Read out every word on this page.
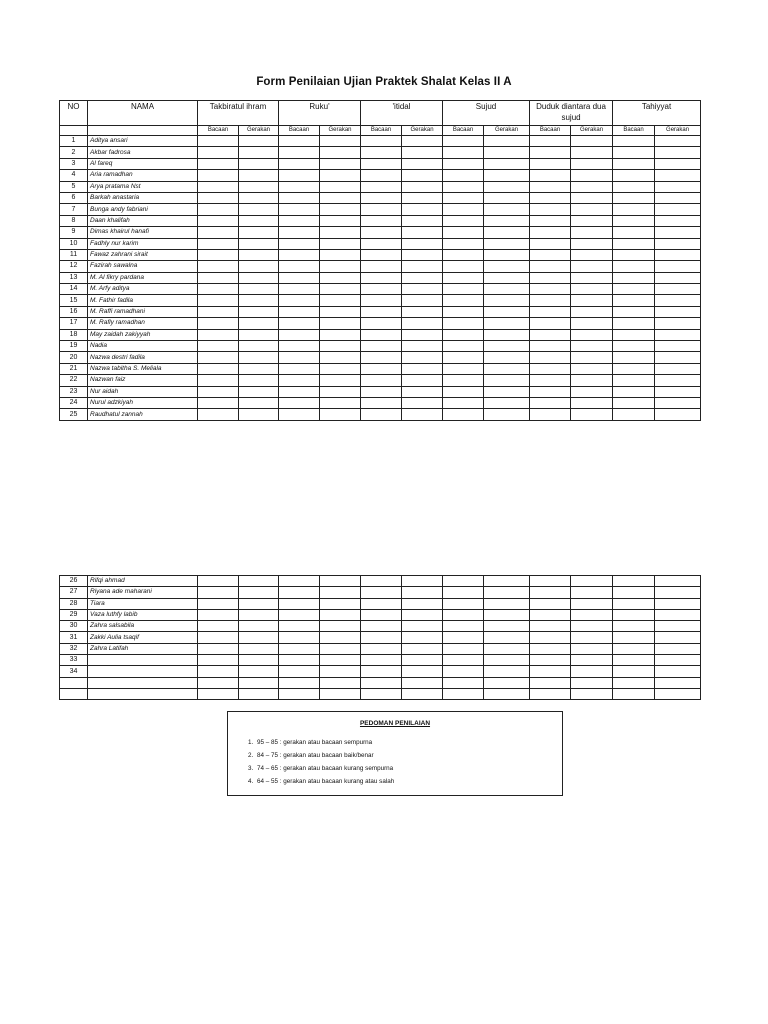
Form Penilaian Ujian Praktek Shalat Kelas II A
NO	NAMA	Takbiratul ihram		Ruku'		'itidal		Sujud		Duduk diantara dua sujud		Tahiyyat	
		Bacaan	Gerakan	Bacaan	Gerakan	Bacaan	Gerakan	Bacaan	Gerakan	Bacaan	Gerakan	Bacaan	Gerakan
1	Aditya ansari												
2	Akbar fadrosa												
3	Al fareq												
4	Aria ramadhan												
5	Arya pratama Nst												
6	Barkah anastaria												
7	Bunga andy fabriani												
8	Daan khalifah												
9	Dimas khairul hanafi												
10	Fadhly nur karim												
11	Fawaz zahrani sirait												
12	Fazirah sawalna												
13	M. Al fikry pardana												
14	M. Arfy aditya												
15	M. Fathir fadila												
16	M. Raffi ramadhani												
17	M. Rafly ramadhan												
18	May zaidah zakiyyah												
19	Nadia												
20	Nazwa destri fadila												
21	Nazwa tabitha S. Meliala												
22	Nazwan faiz												
23	Nur aidah												
24	Nurul adzkiyah												
25	Raudhatul zannah												
26	Rifqi ahmad												
27	Riyana ade maharani												
28	Tiara												
29	Vaza luthfy labib												
30	Zahra salsabila												
31	Zakki Aulia tsaqif												
32	Zahra Latifah												
33													
34													

PEDOMAN PENILAIAN
1. 95 – 85 : gerakan atau bacaan sempurna
2. 84 – 75 : gerakan atau bacaan baik/benar
3. 74 – 65 : gerakan atau bacaan kurang sempurna
4. 64 – 55 : gerakan atau bacaan kurang atau salah
